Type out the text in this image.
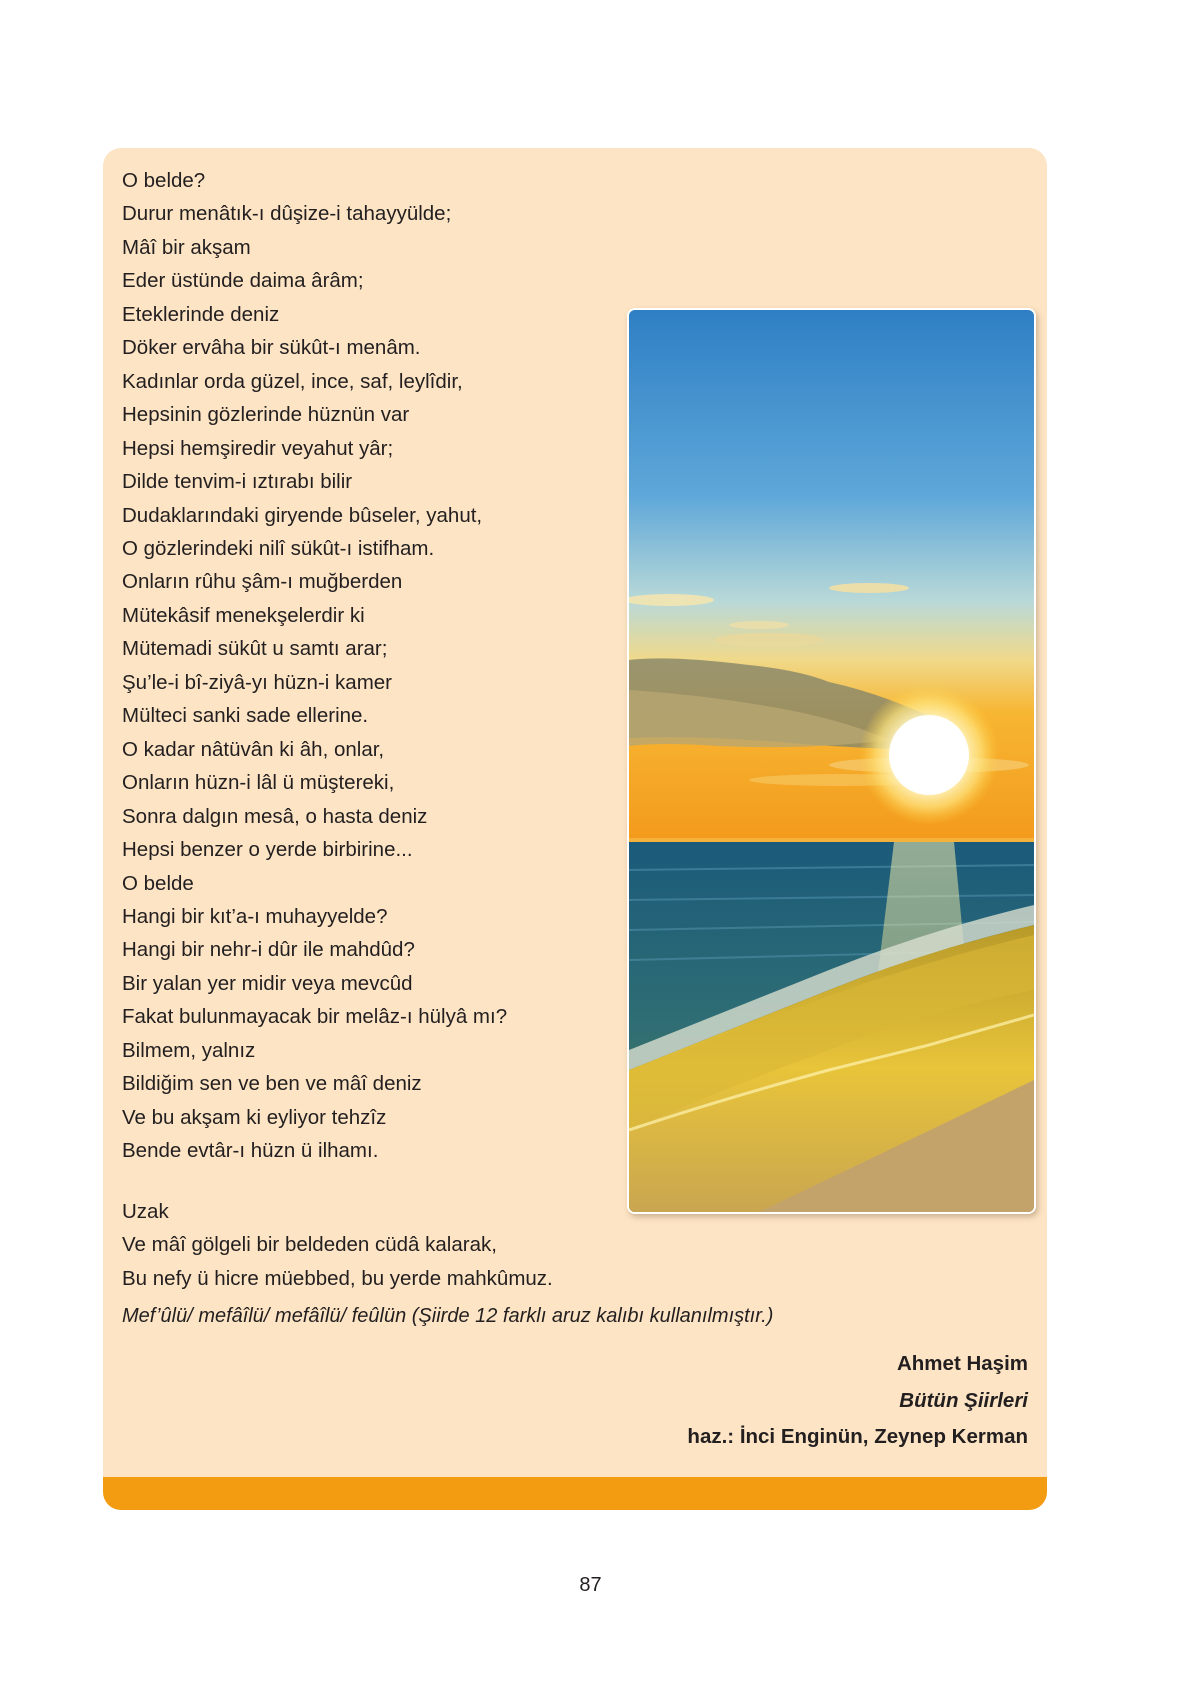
O belde?
Durur menâtık-ı dûşize-i tahayyülde;
Mâî bir akşam
Eder üstünde daima ârâm;
Eteklerinde deniz
Döker ervâha bir sükût-ı menâm.
Kadınlar orda güzel, ince, saf, leylîdir,
Hepsinin gözlerinde hüznün var
Hepsi hemşiredir veyahut yâr;
Dilde tenvim-i ıztırabı bilir
Dudaklarındaki giryende bûseler, yahut,
O gözlerindeki nilî sükût-ı istifham.
Onların rûhu şâm-ı muğberden
Mütekâsif menekşelerdir ki
Mütemadi sükût u samtı arar;
Şu’le-i bî-ziyâ-yı hüzn-i kamer
Mülteci sanki sade ellerine.
O kadar nâtüvân ki âh, onlar,
Onların hüzn-i lâl ü müştereki,
Sonra dalgın mesâ, o hasta deniz
Hepsi benzer o yerde birbirine...
O belde
Hangi bir kıt’a-ı muhayyelde?
Hangi bir nehr-i dûr ile mahdûd?
Bir yalan yer midir veya mevcûd
Fakat bulunmayacak bir melâz-ı hülyâ mı?
Bilmem, yalnız
Bildiğim sen ve ben ve mâî deniz
Ve bu akşam ki eyliyor tehzîz
Bende evtâr-ı hüzn ü ilhamı.
Uzak
Ve mâî gölgeli bir beldeden cüdâ kalarak,
Bu nefy ü hicre müebbed, bu yerde mahkûmuz.
Mef’ûlü/ mefâîlü/ mefâîlü/ feûlün (Şiirde 12 farklı aruz kalıbı kullanılmıştır.)
Ahmet Haşim
Bütün Şiirleri
haz.: İnci Enginün, Zeynep Kerman
87
